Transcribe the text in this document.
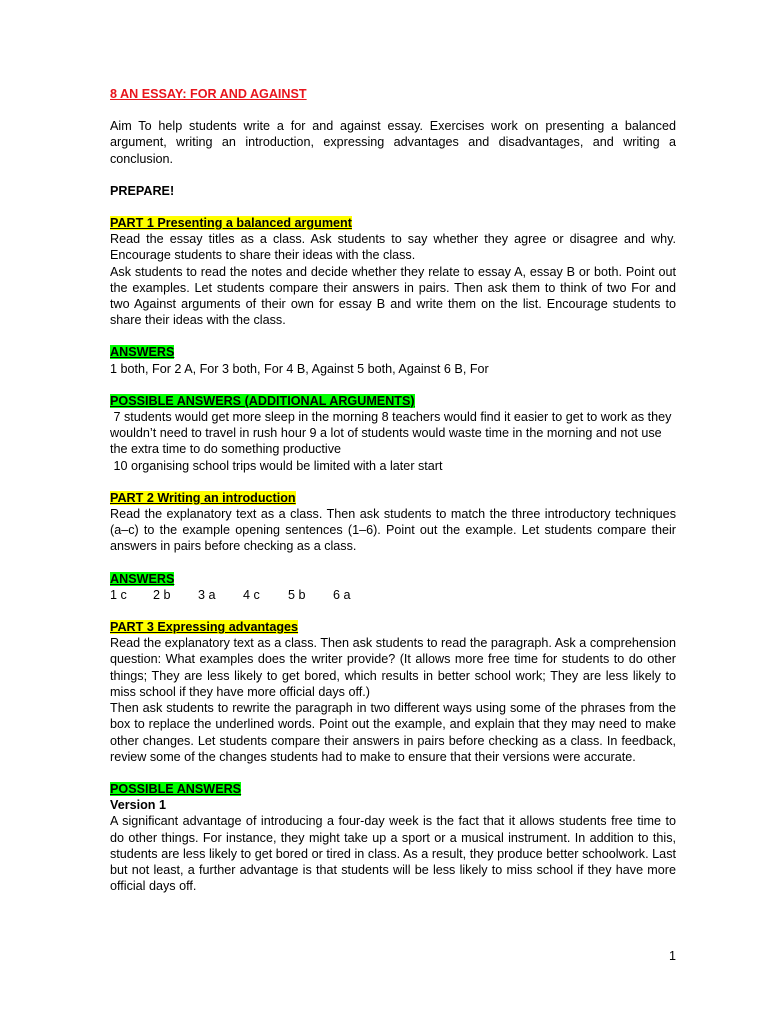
8 AN ESSAY: FOR AND AGAINST

Aim To help students write a for and against essay. Exercises work on presenting a balanced argument, writing an introduction, expressing advantages and disadvantages, and writing a conclusion.

PREPARE!

PART 1 Presenting a balanced argument

Read the essay titles as a class. Ask students to say whether they agree or disagree and why. Encourage students to share their ideas with the class.

Ask students to read the notes and decide whether they relate to essay A, essay B or both. Point out the examples. Let students compare their answers in pairs. Then ask them to think of two For and two Against arguments of their own for essay B and write them on the list. Encourage students to share their ideas with the class.

ANSWERS

1 both, For 2 A, For 3 both, For 4 B, Against 5 both, Against 6 B, For

POSSIBLE ANSWERS (ADDITIONAL ARGUMENTS)

7 students would get more sleep in the morning 8 teachers would find it easier to get to work as they wouldn’t need to travel in rush hour 9 a lot of students would waste time in the morning and not use the extra time to do something productive

10 organising school trips would be limited with a later start

PART 2 Writing an introduction

Read the explanatory text as a class. Then ask students to match the three introductory techniques (a–c) to the example opening sentences (1–6). Point out the example. Let students compare their answers in pairs before checking as a class.

ANSWERS

1 c 2 b 3 a 4 c 5 b 6 a

PART 3 Expressing advantages

Read the explanatory text as a class. Then ask students to read the paragraph. Ask a comprehension question: What examples does the writer provide? (It allows more free time for students to do other things; They are less likely to get bored, which results in better school work; They are less likely to miss school if they have more official days off.)

Then ask students to rewrite the paragraph in two different ways using some of the phrases from the box to replace the underlined words. Point out the example, and explain that they may need to make other changes. Let students compare their answers in pairs before checking as a class. In feedback, review some of the changes students had to make to ensure that their versions were accurate.

POSSIBLE ANSWERS

Version 1

A significant advantage of introducing a four-day week is the fact that it allows students free time to do other things. For instance, they might take up a sport or a musical instrument. In addition to this, students are less likely to get bored or tired in class. As a result, they produce better schoolwork. Last but not least, a further advantage is that students will be less likely to miss school if they have more official days off.

1
